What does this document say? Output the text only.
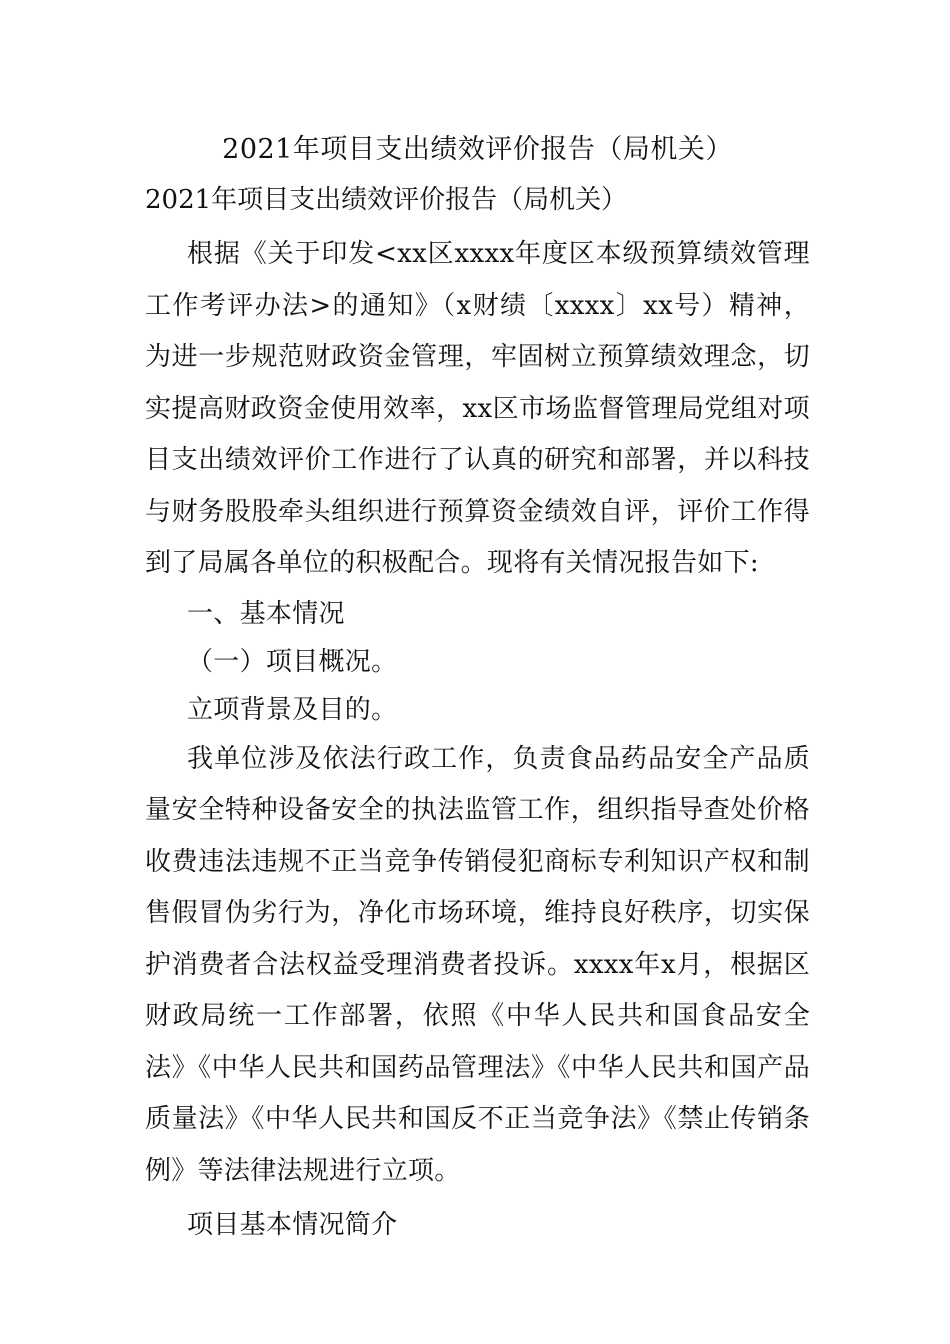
2021年项目支出绩效评价报告（局机关）
2021年项目支出绩效评价报告（局机关）

根据《关于印发<xx区xxxx年度区本级预算绩效管理工作考评办法>的通知》（x财绩〔xxxx〕xx号）精神，为进一步规范财政资金管理，牢固树立预算绩效理念，切实提高财政资金使用效率，xx区市场监督管理局党组对项目支出绩效评价工作进行了认真的研究和部署，并以科技与财务股股牵头组织进行预算资金绩效自评，评价工作得到了局属各单位的积极配合。现将有关情况报告如下:

一、基本情况

（一）项目概况。

立项背景及目的。

我单位涉及依法行政工作，负责食品药品安全产品质量安全特种设备安全的执法监管工作，组织指导查处价格收费违法违规不正当竞争传销侵犯商标专利知识产权和制售假冒伪劣行为，净化市场环境，维持良好秩序，切实保护消费者合法权益受理消费者投诉。xxxx年x月，根据区财政局统一工作部署，依照《中华人民共和国食品安全法》《中华人民共和国药品管理法》《中华人民共和国产品质量法》《中华人民共和国反不正当竞争法》《禁止传销条例》等法律法规进行立项。

项目基本情况简介
